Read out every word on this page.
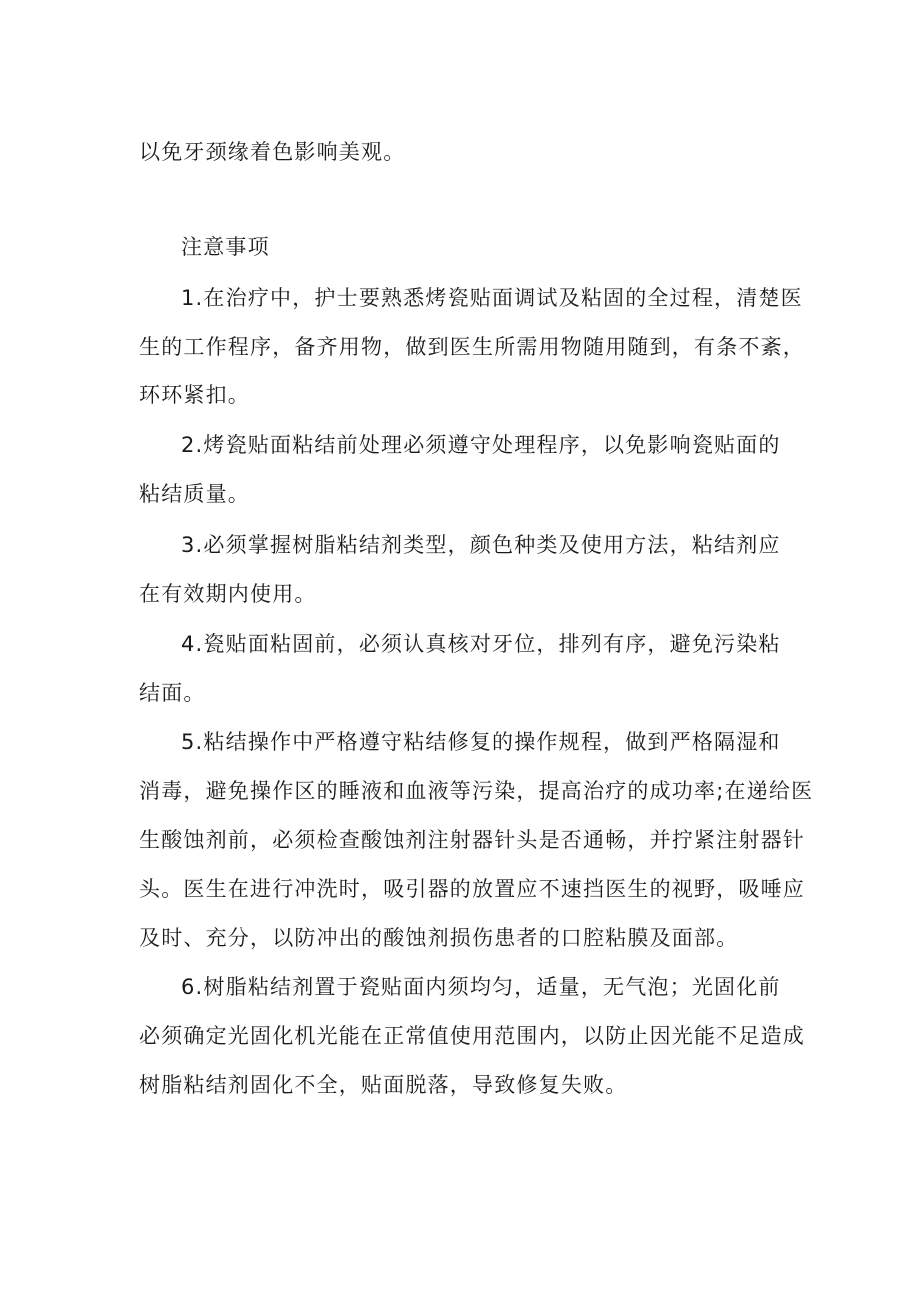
以免牙颈缘着色影响美观。
注意事项
1.在治疗中，护士要熟悉烤瓷贴面调试及粘固的全过程，清楚医
生的工作程序，备齐用物，做到医生所需用物随用随到，有条不紊，
环环紧扣。
2.烤瓷贴面粘结前处理必须遵守处理程序，以免影响瓷贴面的
粘结质量。
3.必须掌握树脂粘结剂类型，颜色种类及使用方法，粘结剂应
在有效期内使用。
4.瓷贴面粘固前，必须认真核对牙位，排列有序，避免污染粘
结面。
5.粘结操作中严格遵守粘结修复的操作规程，做到严格隔湿和
消毒，避免操作区的睡液和血液等污染，提高治疗的成功率;在递给医
生酸蚀剂前，必须检查酸蚀剂注射器针头是否通畅，并拧紧注射器针
头。医生在进行冲洗时，吸引器的放置应不速挡医生的视野，吸唾应
及时、充分，以防冲出的酸蚀剂损伤患者的口腔粘膜及面部。
6.树脂粘结剂置于瓷贴面内须均匀，适量，无气泡；光固化前
必须确定光固化机光能在正常值使用范围内，以防止因光能不足造成
树脂粘结剂固化不全，贴面脱落，导致修复失败。
